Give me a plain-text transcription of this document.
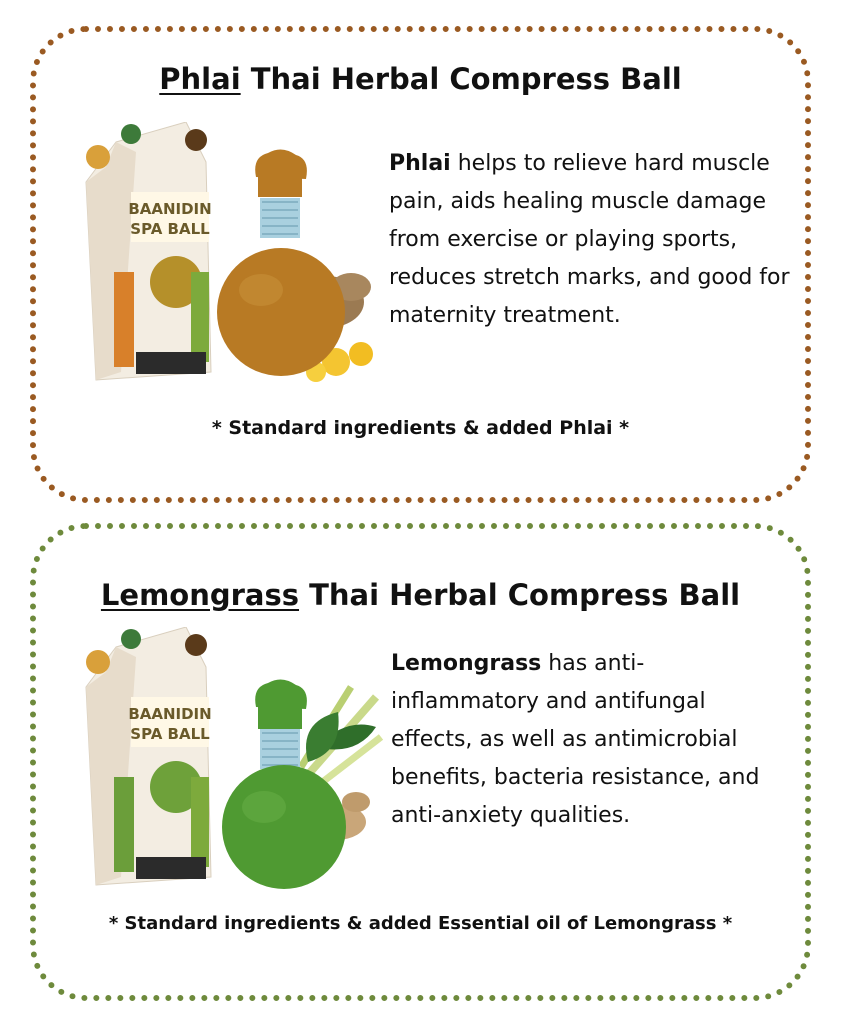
Phlai Thai Herbal Compress Ball
BAANIDIN
SPA BALL

Phlai helps to relieve hard muscle pain, aids healing muscle damage from exercise or playing sports, reduces stretch marks, and good for maternity treatment.

* Standard ingredients & added Phlai *

Lemongrass Thai Herbal Compress Ball
BAANIDIN
SPA BALL

Lemongrass has anti-inflammatory and antifungal effects, as well as antimicrobial benefits, bacteria resistance, and anti-anxiety qualities.

* Standard ingredients & added Essential oil of Lemongrass *
